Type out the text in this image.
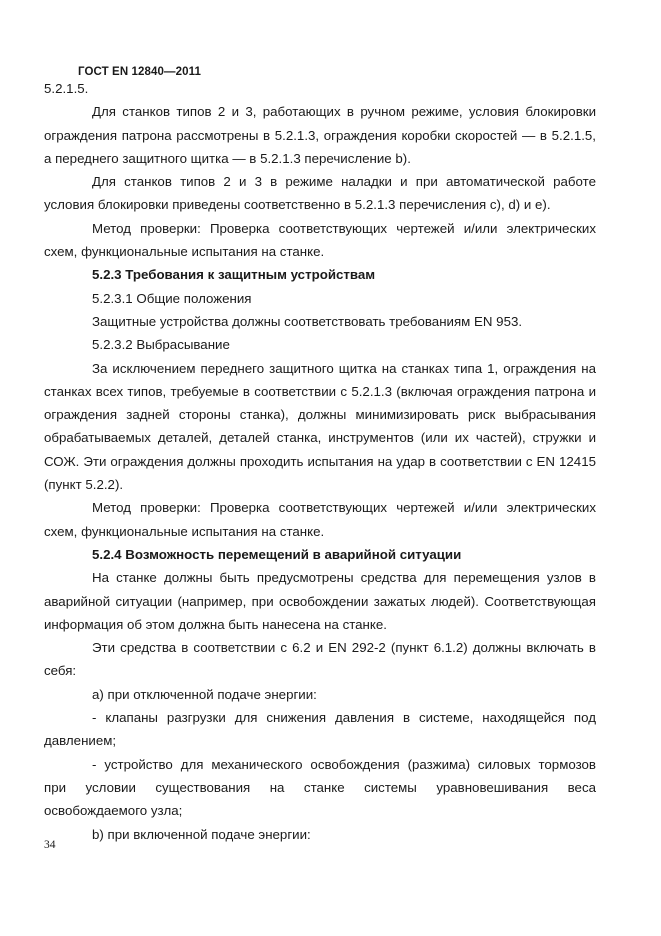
ГОСТ EN 12840—2011

5.2.1.5.

Для станков типов 2 и 3, работающих в ручном режиме, условия блокировки ограждения патрона рассмотрены в 5.2.1.3, ограждения коробки скоростей — в 5.2.1.5, а переднего защитного щитка — в 5.2.1.3 перечисление b).

Для станков типов 2 и 3 в режиме наладки и при автоматической работе условия блокировки приведены соответственно в 5.2.1.3 перечисления c), d) и e).

Метод проверки: Проверка соответствующих чертежей и/или электрических схем, функциональные испытания на станке.

5.2.3 Требования к защитным устройствам

5.2.3.1 Общие положения

Защитные устройства должны соответствовать требованиям EN 953.

5.2.3.2 Выбрасывание

За исключением переднего защитного щитка на станках типа 1, ограждения на станках всех типов, требуемые в соответствии с 5.2.1.3 (включая ограждения патрона и ограждения задней стороны станка), должны минимизировать риск выбрасывания обрабатываемых деталей, деталей станка, инструментов (или их частей), стружки и СОЖ. Эти ограждения должны проходить испытания на удар в соответствии с EN 12415 (пункт 5.2.2).

Метод проверки: Проверка соответствующих чертежей и/или электрических схем, функциональные испытания на станке.

5.2.4 Возможность перемещений в аварийной ситуации

На станке должны быть предусмотрены средства для перемещения узлов в аварийной ситуации (например, при освобождении зажатых людей). Соответствующая информация об этом должна быть нанесена на станке.

Эти средства в соответствии с 6.2 и EN 292-2 (пункт 6.1.2) должны включать в себя:

a) при отключенной подаче энергии:

- клапаны разгрузки для снижения давления в системе, находящейся под давлением;

- устройство для механического освобождения (разжима) силовых тормозов

при условии существования на станке системы уравновешивания веса

освобождаемого узла;

b) при включенной подаче энергии:

34
